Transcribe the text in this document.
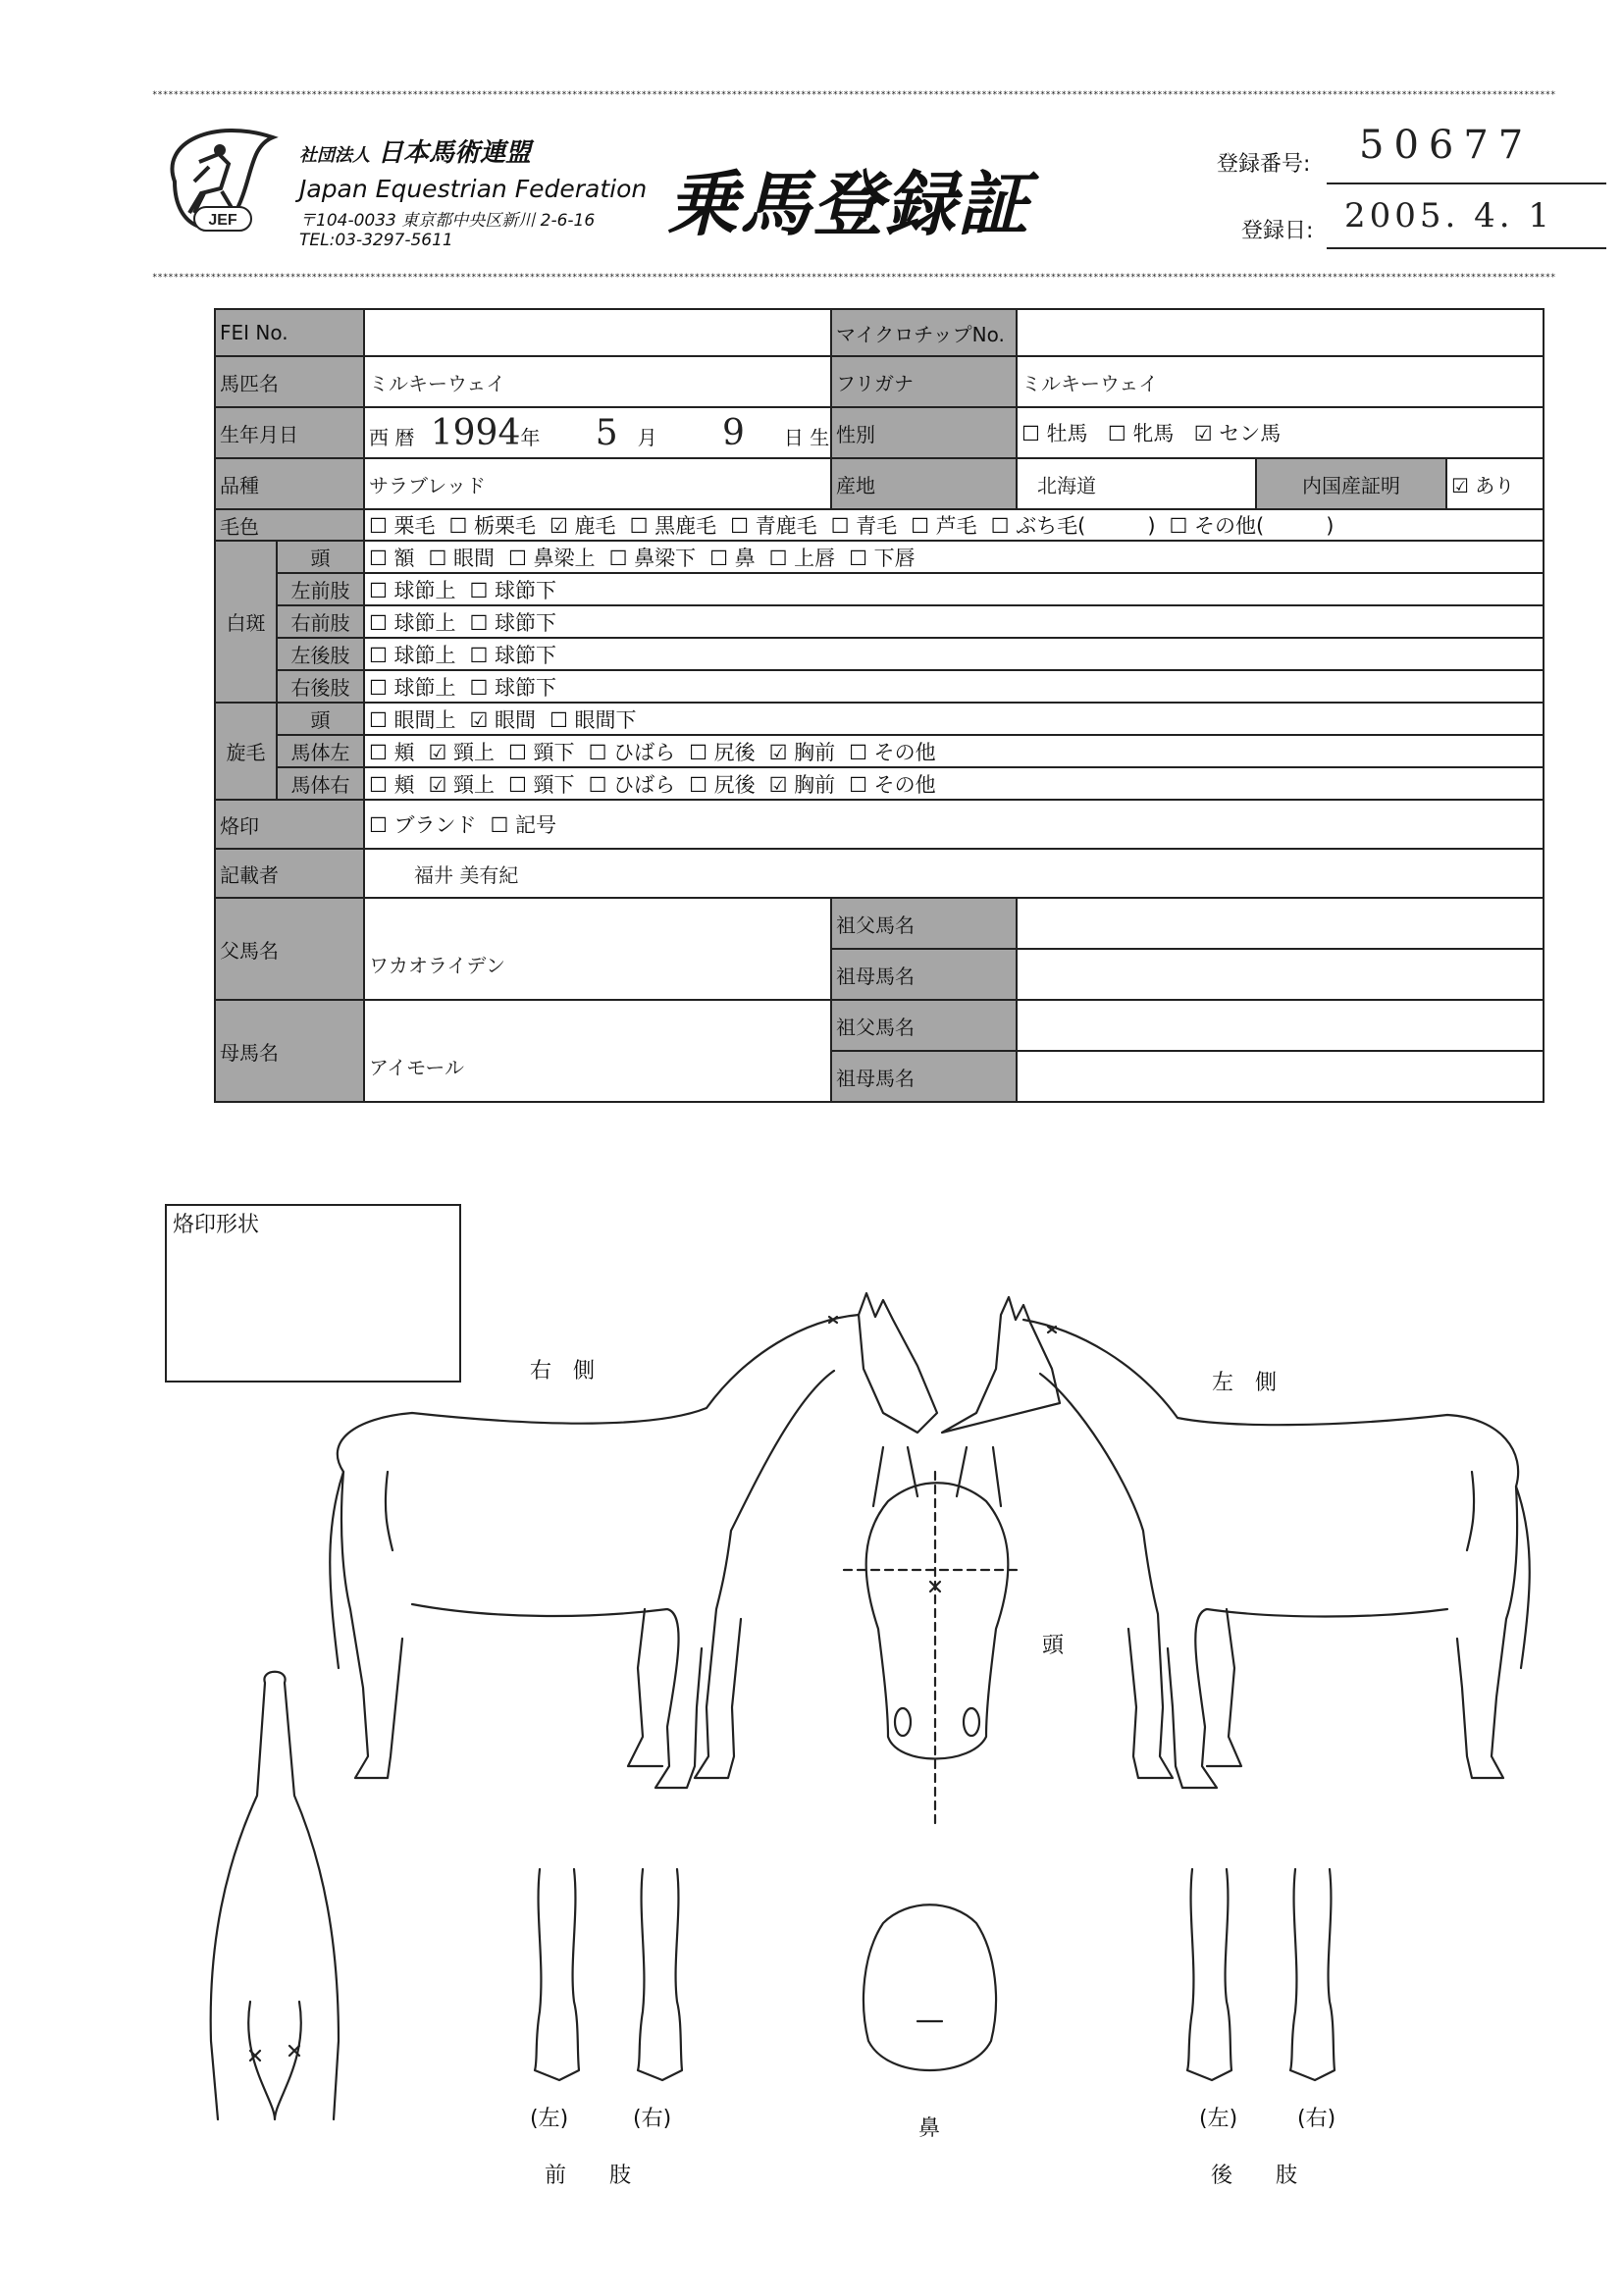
************************************************************************************************************************************************************************************************************************************************************************
************************************************************************************************************************************************************************************************************************************************************************
JEF
社団法人 日本馬術連盟
Japan Equestrian Federation
〒104-0033 東京都中央区新川 2-6-16
TEL:03-3297-5611	乗馬登録証	登録番号: 50677
登録日: 2005. 4. 1
FEI No.			マイクロチップNo.			
馬匹名		ミルキーウェイ	フリガナ	ミルキーウェイ		
生年月日		西 暦 1994年 5 月 9 日 生	性別	☐ 牡馬 ☐ 牝馬 ☑ セン馬		
品種		サラブレッド	産地	北海道	内国産証明	☑ あり
毛色		☐ 栗毛 ☐ 栃栗毛 ☑ 鹿毛 ☐ 黒鹿毛 ☐ 青鹿毛 ☐ 青毛 ☐ 芦毛 ☐ ぶち毛(　　　) ☐ その他(　　　)				
白斑	頭	☐ 額 ☐ 眼間 ☐ 鼻梁上 ☐ 鼻梁下 ☐ 鼻 ☐ 上唇 ☐ 下唇				
	左前肢	☐ 球節上 ☐ 球節下				
	右前肢	☐ 球節上 ☐ 球節下				
	左後肢	☐ 球節上 ☐ 球節下				
	右後肢	☐ 球節上 ☐ 球節下				
旋毛	頭	☐ 眼間上 ☑ 眼間 ☐ 眼間下				
	馬体左	☐ 頬 ☑ 頸上 ☐ 頸下 ☐ ひばら ☐ 尻後 ☑ 胸前 ☐ その他				
	馬体右	☐ 頬 ☑ 頸上 ☐ 頸下 ☐ ひばら ☐ 尻後 ☑ 胸前 ☐ その他				
烙印		☐ ブランド ☐ 記号				
記載者		福井 美有紀				
父馬名		ワカオライデン	祖父馬名			
			祖母馬名			
母馬名		アイモール	祖父馬名			
			祖母馬名			
烙印形状
右　側	左　側
頭
鼻
(左)	(右)
前　　肢
(左)	(右)
後　　肢
